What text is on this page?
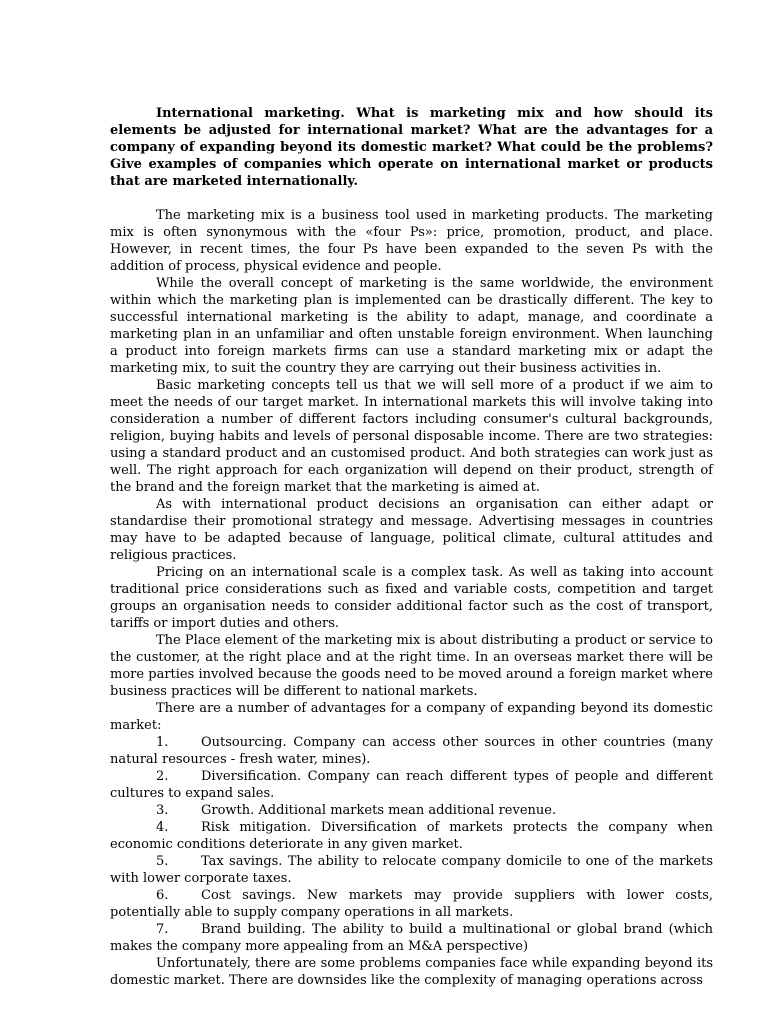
International marketing. What is marketing mix and how should its elements be adjusted for international market? What are the advantages for a company of expanding beyond its domestic market? What could be the problems? Give examples of companies which operate on international market or products that are marketed internationally.

The marketing mix is a business tool used in marketing products. The marketing mix is often synonymous with the «four Ps»: price, promotion, product, and place. However, in recent times, the four Ps have been expanded to the seven Ps with the addition of process, physical evidence and people.

While the overall concept of marketing is the same worldwide, the environment within which the marketing plan is implemented can be drastically different. The key to successful international marketing is the ability to adapt, manage, and coordinate a marketing plan in an unfamiliar and often unstable foreign environment. When launching a product into foreign markets firms can use a standard marketing mix or adapt the marketing mix, to suit the country they are carrying out their business activities in.

Basic marketing concepts tell us that we will sell more of a product if we aim to meet the needs of our target market. In international markets this will involve taking into consideration a number of different factors including consumer's cultural backgrounds, religion, buying habits and levels of personal disposable income. There are two strategies: using a standard product and an customised product. And both strategies can work just as well. The right approach for each organization will depend on their product, strength of the brand and the foreign market that the marketing is aimed at.

As with international product decisions an organisation can either adapt or standardise their promotional strategy and message. Advertising messages in countries may have to be adapted because of language, political climate, cultural attitudes and religious practices.

Pricing on an international scale is a complex task. As well as taking into account traditional price considerations such as fixed and variable costs, competition and target groups an organisation needs to consider additional factor such as the cost of transport, tariffs or import duties and others.

The Place element of the marketing mix is about distributing a product or service to the customer, at the right place and at the right time. In an overseas market there will be more parties involved because the goods need to be moved around a foreign market where business practices will be different to national markets.

There are a number of advantages for a company of expanding beyond its domestic market:

1.	Outsourcing. Company can access other sources in other countries (many natural resources - fresh water, mines).

2.	Diversification. Company can reach different types of people and different cultures to expand sales.

3.	Growth. Additional markets mean additional revenue.

4.	Risk mitigation. Diversification of markets protects the company when economic conditions deteriorate in any given market.

5.	Tax savings. The ability to relocate company domicile to one of the markets with lower corporate taxes.

6.	Cost savings. New markets may provide suppliers with lower costs, potentially able to supply company operations in all markets.

7.	Brand building. The ability to build a multinational or global brand (which makes the company more appealing from an M&A perspective)

Unfortunately, there are some problems companies face while expanding beyond its domestic market. There are downsides like the complexity of managing operations across
